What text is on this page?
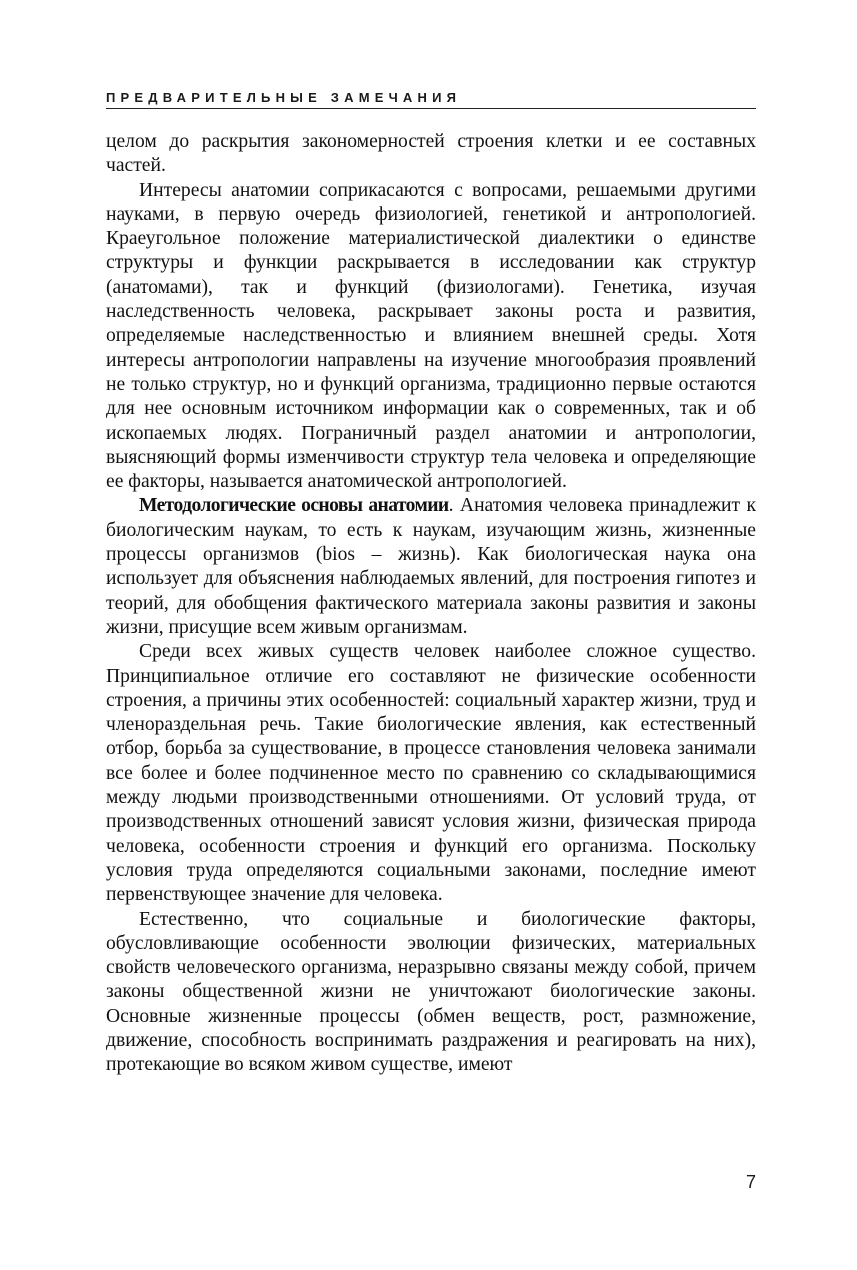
ПРЕДВАРИТЕЛЬНЫЕ ЗАМЕЧАНИЯ

целом до раскрытия закономерностей строения клетки и ее составных частей.

Интересы анатомии соприкасаются с вопросами, решаемыми другими науками, в первую очередь физиологией, генетикой и антропологией. Краеугольное положение материалистической диалектики о единстве структуры и функции раскрывается в исследовании как структур (анатомами), так и функций (физиологами). Генетика, изучая наследственность человека, раскрывает законы роста и развития, определяемые наследственностью и влиянием внешней среды. Хотя интересы антропологии направлены на изучение многообразия проявлений не только структур, но и функций организма, традиционно первые остаются для нее основным источником информации как о современных, так и об ископаемых людях. Пограничный раздел анатомии и антропологии, выясняющий формы изменчивости структур тела человека и определяющие ее факторы, называется анатомической антропологией.

Методологические основы анатомии. Анатомия человека принадлежит к биологическим наукам, то есть к наукам, изучающим жизнь, жизненные процессы организмов (bios – жизнь). Как биологическая наука она использует для объяснения наблюдаемых явлений, для построения гипотез и теорий, для обобщения фактического материала законы развития и законы жизни, присущие всем живым организмам.

Среди всех живых существ человек наиболее сложное существо. Принципиальное отличие его составляют не физические особенности строения, а причины этих особенностей: социальный характер жизни, труд и членораздельная речь. Такие биологические явления, как естественный отбор, борьба за существование, в процессе становления человека занимали все более и более подчиненное место по сравнению со складывающимися между людьми производственными отношениями. От условий труда, от производственных отношений зависят условия жизни, физическая природа человека, особенности строения и функций его организма. Поскольку условия труда определяются социальными законами, последние имеют первенствующее значение для человека.

Естественно, что социальные и биологические факторы, обусловливающие особенности эволюции физических, материальных свойств человеческого организма, неразрывно связаны между собой, причем законы общественной жизни не уничтожают биологические законы. Основные жизненные процессы (обмен веществ, рост, размножение, движение, способность воспринимать раздражения и реагировать на них), протекающие во всяком живом существе, имеют

7
